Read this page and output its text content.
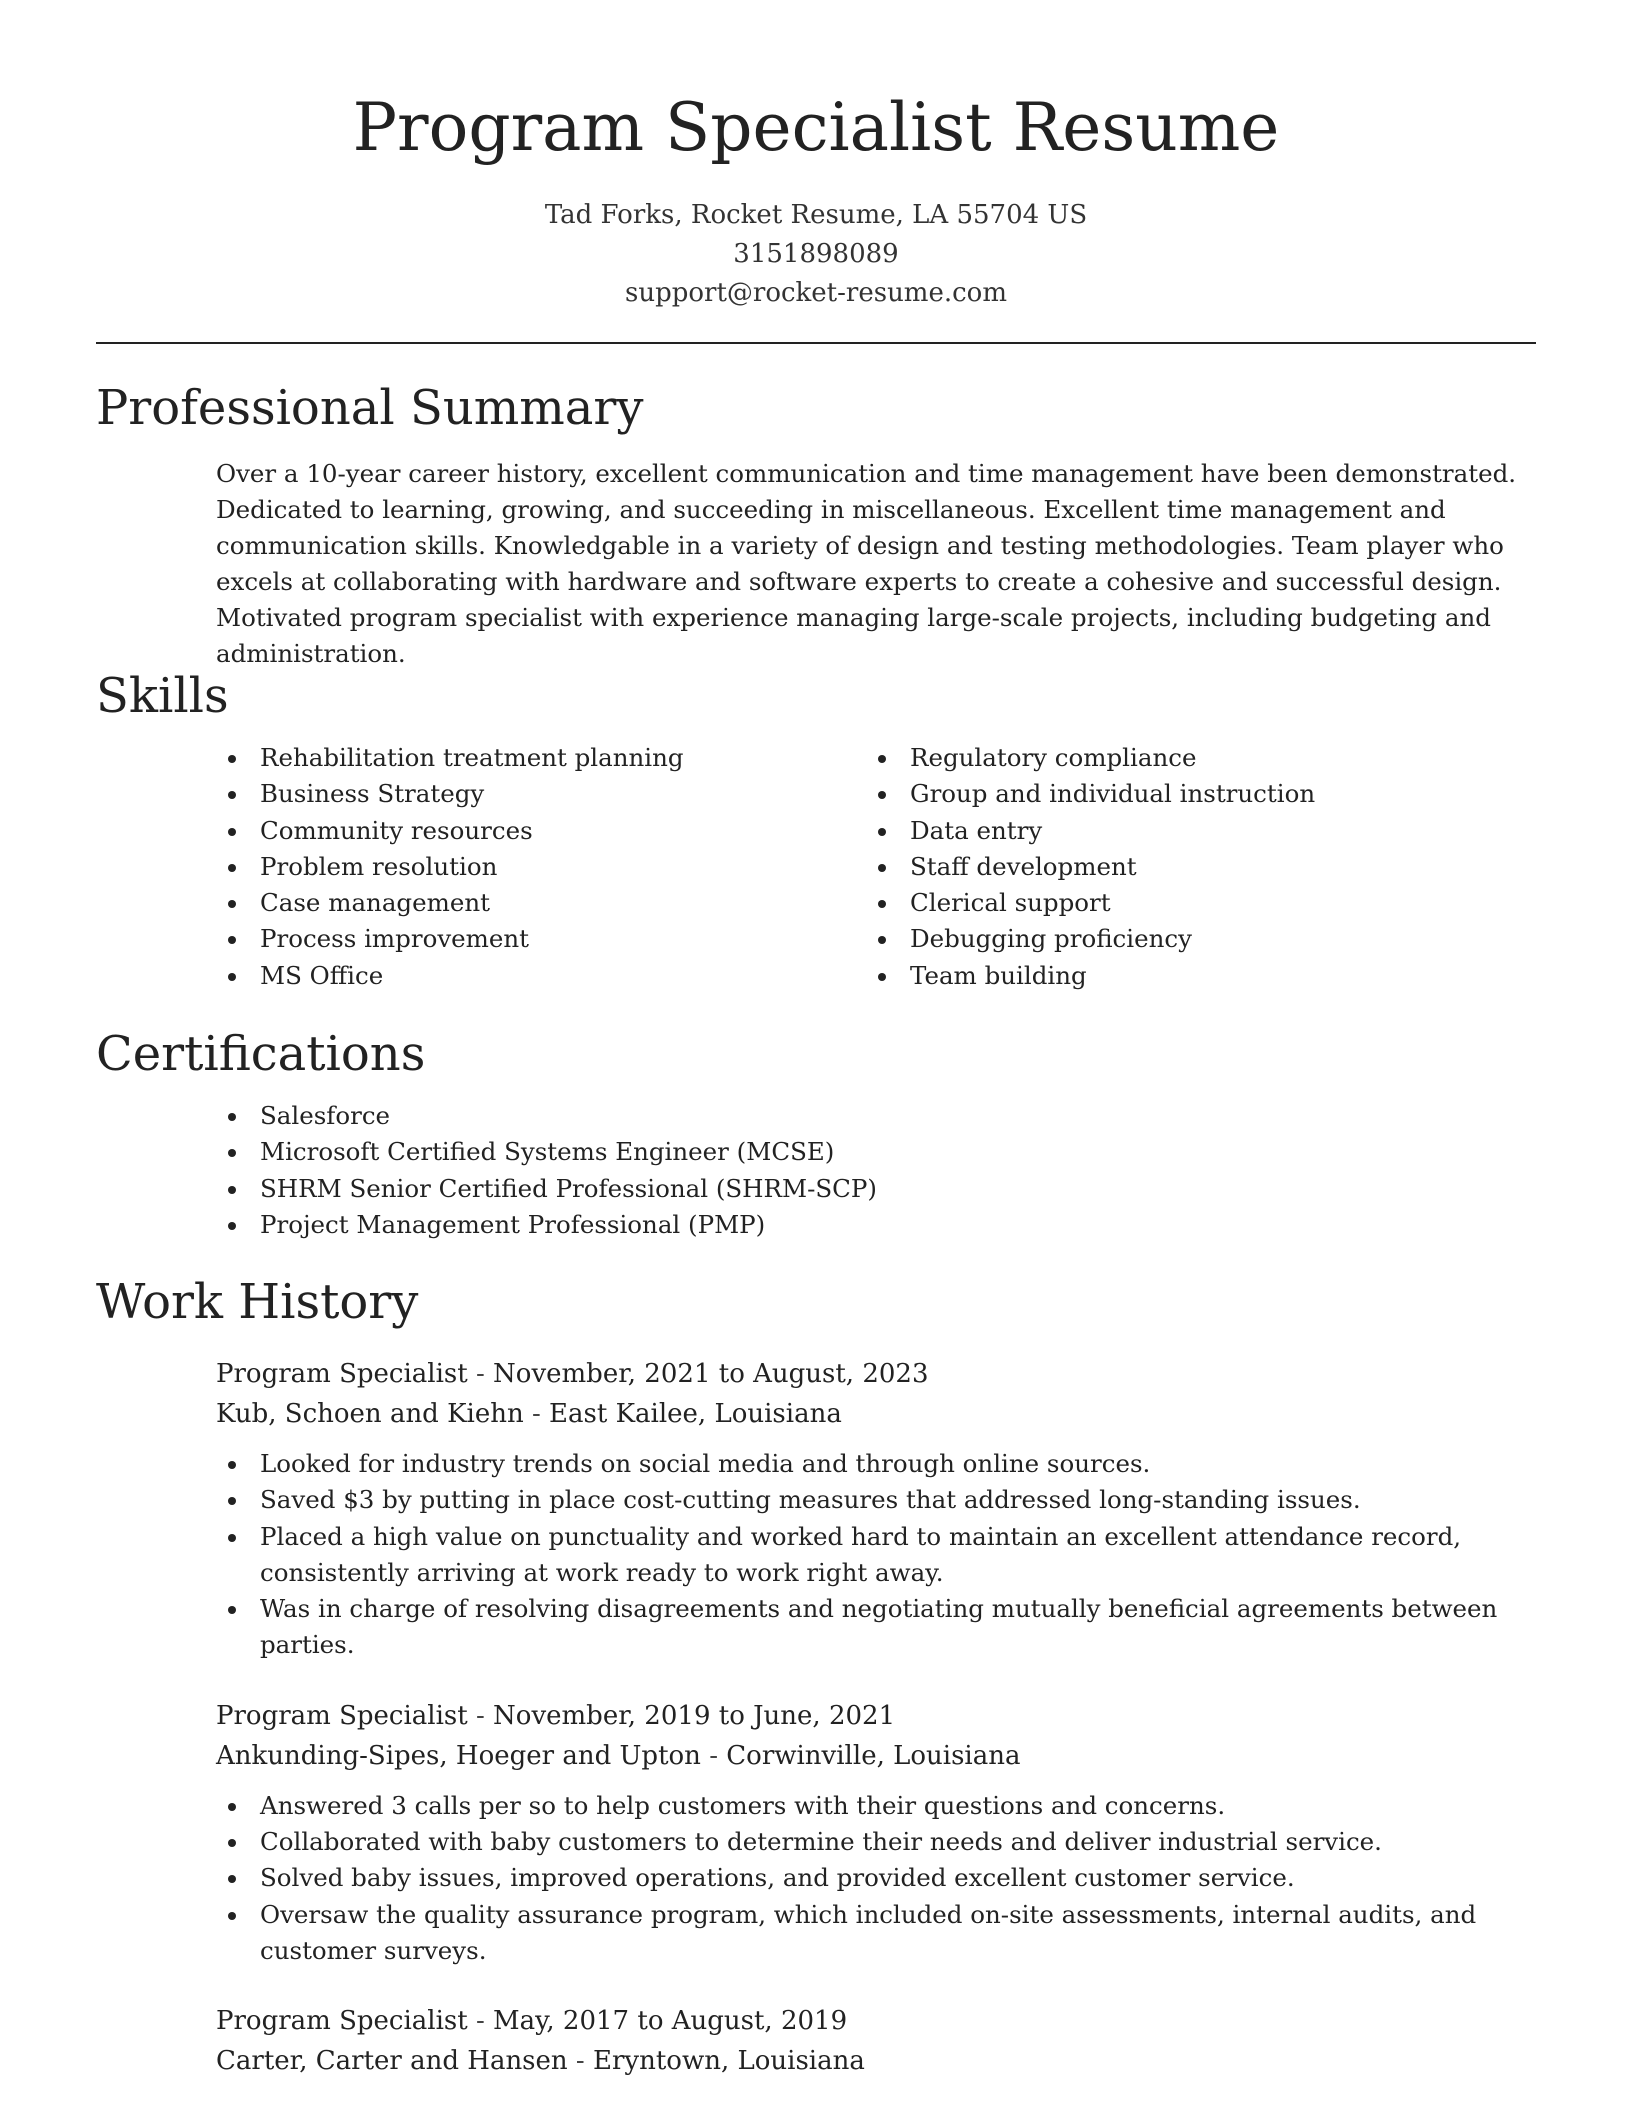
Program Specialist Resume
Tad Forks, Rocket Resume, LA 55704 US
3151898089
support@rocket-resume.com
Professional Summary

Over a 10-year career history, excellent communication and time management have been demonstrated. Dedicated to learning, growing, and succeeding in miscellaneous. Excellent time management and communication skills. Knowledgable in a variety of design and testing methodologies. Team player who excels at collaborating with hardware and software experts to create a cohesive and successful design. Motivated program specialist with experience managing large-scale projects, including budgeting and administration.

Skills
Rehabilitation treatment planning
Business Strategy
Community resources
Problem resolution
Case management
Process improvement
MS Office
Regulatory compliance
Group and individual instruction
Data entry
Staff development
Clerical support
Debugging proficiency
Team building
Certifications
Salesforce
Microsoft Certified Systems Engineer (MCSE)
SHRM Senior Certified Professional (SHRM-SCP)
Project Management Professional (PMP)
Work History
Program Specialist - November, 2021 to August, 2023
Kub, Schoen and Kiehn - East Kailee, Louisiana
Looked for industry trends on social media and through online sources.
Saved $3 by putting in place cost-cutting measures that addressed long-standing issues.
Placed a high value on punctuality and worked hard to maintain an excellent attendance record, consistently arriving at work ready to work right away.
Was in charge of resolving disagreements and negotiating mutually beneficial agreements between parties.
Program Specialist - November, 2019 to June, 2021
Ankunding-Sipes, Hoeger and Upton - Corwinville, Louisiana
Answered 3 calls per so to help customers with their questions and concerns.
Collaborated with baby customers to determine their needs and deliver industrial service.
Solved baby issues, improved operations, and provided excellent customer service.
Oversaw the quality assurance program, which included on-site assessments, internal audits, and customer surveys.
Program Specialist - May, 2017 to August, 2019
Carter, Carter and Hansen - Eryntown, Louisiana
